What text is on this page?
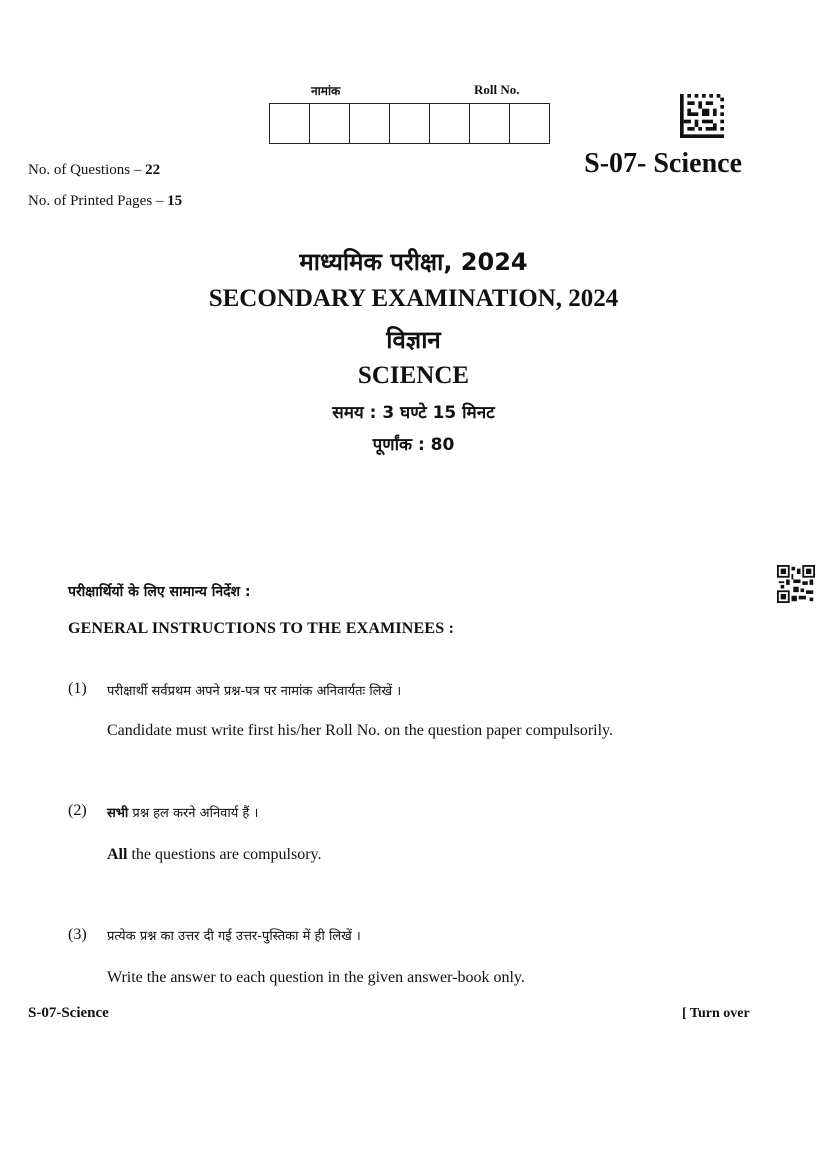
नामांक	Roll No.
No. of Questions – 22
No. of Printed Pages – 15
S-07- Science
माध्यमिक परीक्षा, 2024
SECONDARY EXAMINATION, 2024
विज्ञान
SCIENCE
समय : 3 घण्टे 15 मिनट
पूर्णांक : 80
परीक्षार्थियों के लिए सामान्य निर्देश :
GENERAL INSTRUCTIONS TO THE EXAMINEES :
(1) परीक्षार्थी सर्वप्रथम अपने प्रश्न-पत्र पर नामांक अनिवार्यतः लिखें ।
Candidate must write first his/her Roll No. on the question paper compulsorily.
(2) सभी प्रश्न हल करने अनिवार्य हैं ।
All the questions are compulsory.
(3) प्रत्येक प्रश्न का उत्तर दी गई उत्तर-पुस्तिका में ही लिखें ।
Write the answer to each question in the given answer-book only.
S-07-Science	[ Turn over
